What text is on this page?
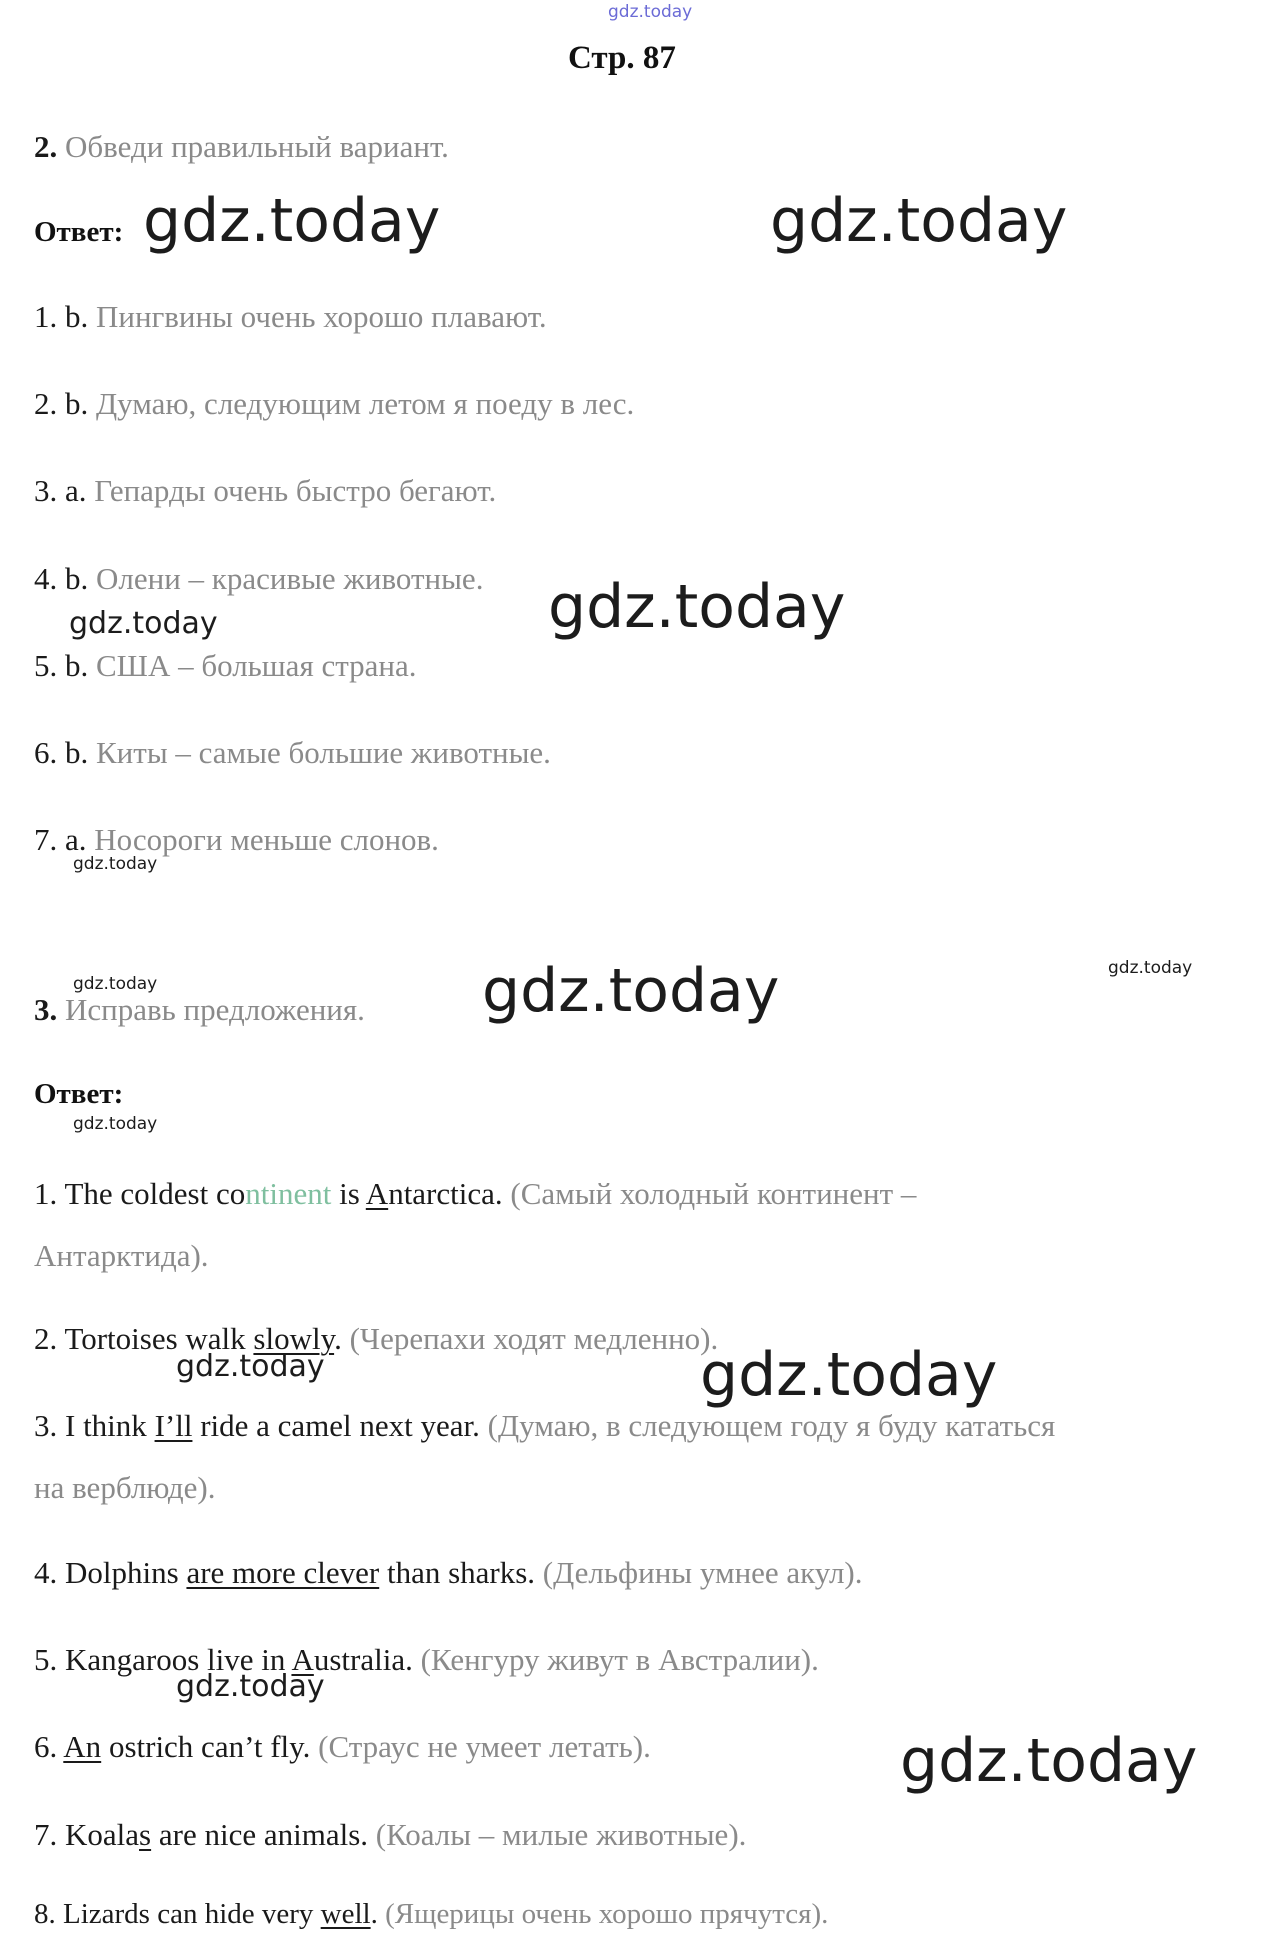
gdz.today
gdz.today	gdz.today
gdz.today
gdz.today
gdz.today
gdz.today
gdz.today
gdz.today
gdz.today
gdz.today	gdz.today
gdz.today
gdz.today
Стр. 87
2. Обведи правильный вариант.
Ответ:
1. b. Пингвины очень хорошо плавают.
2. b. Думаю, следующим летом я поеду в лес.
3. a. Гепарды очень быстро бегают.
4. b. Олени – красивые животные.
5. b. США – большая страна.
6. b. Киты – самые большие животные.
7. a. Носороги меньше слонов.
3. Исправь предложения.
Ответ:
1. The coldest continent is Antarctica. (Самый холодный континент –
Антарктида).
2. Tortoises walk slowly. (Черепахи ходят медленно).
3. I think I’ll ride a camel next year. (Думаю, в следующем году я буду кататься
на верблюде).
4. Dolphins are more clever than sharks. (Дельфины умнее акул).
5. Kangaroos live in Australia. (Кенгуру живут в Австралии).
6. An ostrich can’t fly. (Страус не умеет летать).
7. Koalas are nice animals. (Коалы – милые животные).
8. Lizards can hide very well. (Ящерицы очень хорошо прячутся).
